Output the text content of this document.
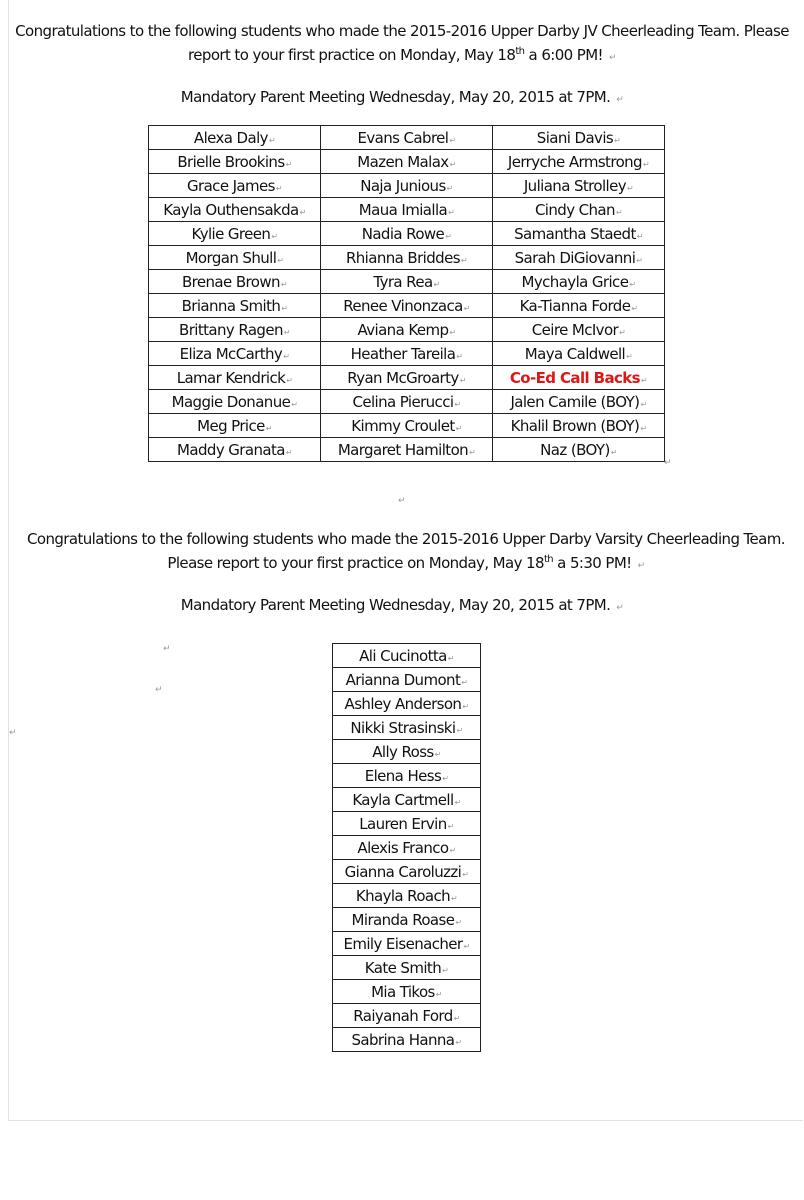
Congratulations to the following students who made the 2015-2016 Upper Darby JV Cheerleading Team. Please
report to your first practice on Monday, May 18th a 6:00 PM! ↵
Mandatory Parent Meeting Wednesday, May 20, 2015 at 7PM. ↵
Alexa Daly↵	Evans Cabrel↵	Siani Davis↵
Brielle Brookins↵	Mazen Malax↵	Jerryche Armstrong↵
Grace James↵	Naja Junious↵	Juliana Strolley↵
Kayla Outhensakda↵	Maua Imialla↵	Cindy Chan↵
Kylie Green↵	Nadia Rowe↵	Samantha Staedt↵
Morgan Shull↵	Rhianna Briddes↵	Sarah DiGiovanni↵
Brenae Brown↵	Tyra Rea↵	Mychayla Grice↵
Brianna Smith↵	Renee Vinonzaca↵	Ka-Tianna Forde↵
Brittany Ragen↵	Aviana Kemp↵	Ceire McIvor↵
Eliza McCarthy↵	Heather Tareila↵	Maya Caldwell↵
Lamar Kendrick↵	Ryan McGroarty↵	Co-Ed Call Backs↵
Maggie Donanue↵	Celina Pierucci↵	Jalen Camile (BOY)↵
Meg Price↵	Kimmy Croulet↵	Khalil Brown (BOY)↵
Maddy Granata↵	Margaret Hamilton↵	Naz (BOY)↵
↵
↵
Congratulations to the following students who made the 2015-2016 Upper Darby Varsity Cheerleading Team.
Please report to your first practice on Monday, May 18th a 5:30 PM! ↵
Mandatory Parent Meeting Wednesday, May 20, 2015 at 7PM. ↵
↵
↵
↵
Ali Cucinotta↵
Arianna Dumont↵
Ashley Anderson↵
Nikki Strasinski↵
Ally Ross↵
Elena Hess↵
Kayla Cartmell↵
Lauren Ervin↵
Alexis Franco↵
Gianna Caroluzzi↵
Khayla Roach↵
Miranda Roase↵
Emily Eisenacher↵
Kate Smith↵
Mia Tikos↵
Raiyanah Ford↵
Sabrina Hanna↵
